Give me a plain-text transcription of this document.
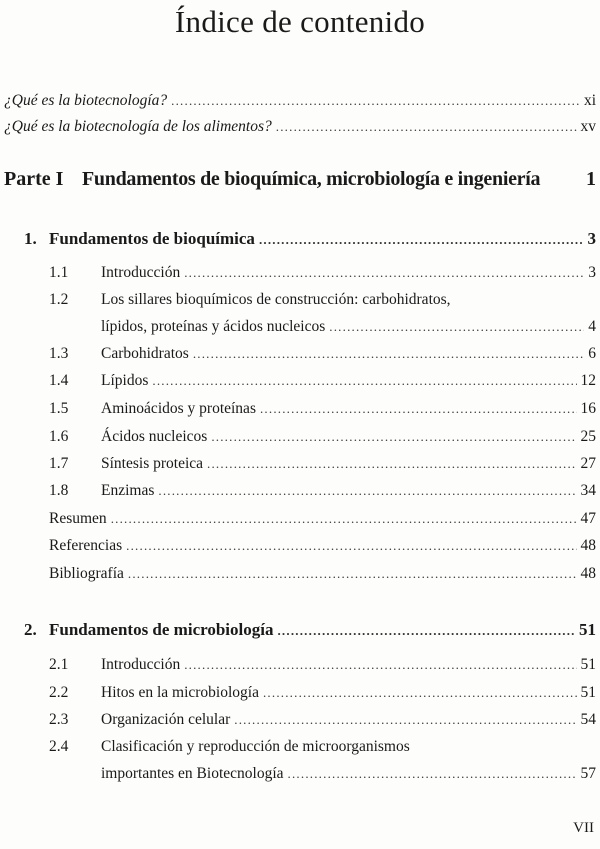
Índice de contenido
¿Qué es la biotecnología? .....	xi
¿Qué es la biotecnología de los alimentos? .....	xv
Parte I Fundamentos de bioquímica, microbiología e ingeniería	1
1. Fundamentos de bioquímica .....	3
1.1 Introducción .....	3
1.2 Los sillares bioquímicos de construcción: carbohidratos,
lípidos, proteínas y ácidos nucleicos .....	4
1.3 Carbohidratos .....	6
1.4 Lípidos .....	12
1.5 Aminoácidos y proteínas .....	16
1.6 Ácidos nucleicos .....	25
1.7 Síntesis proteica .....	27
1.8 Enzimas .....	34
Resumen .....	47
Referencias .....	48
Bibliografía .....	48
2. Fundamentos de microbiología .....	51
2.1 Introducción .....	51
2.2 Hitos en la microbiología .....	51
2.3 Organización celular .....	54
2.4 Clasificación y reproducción de microorganismos
importantes en Biotecnología .....	57
VII
